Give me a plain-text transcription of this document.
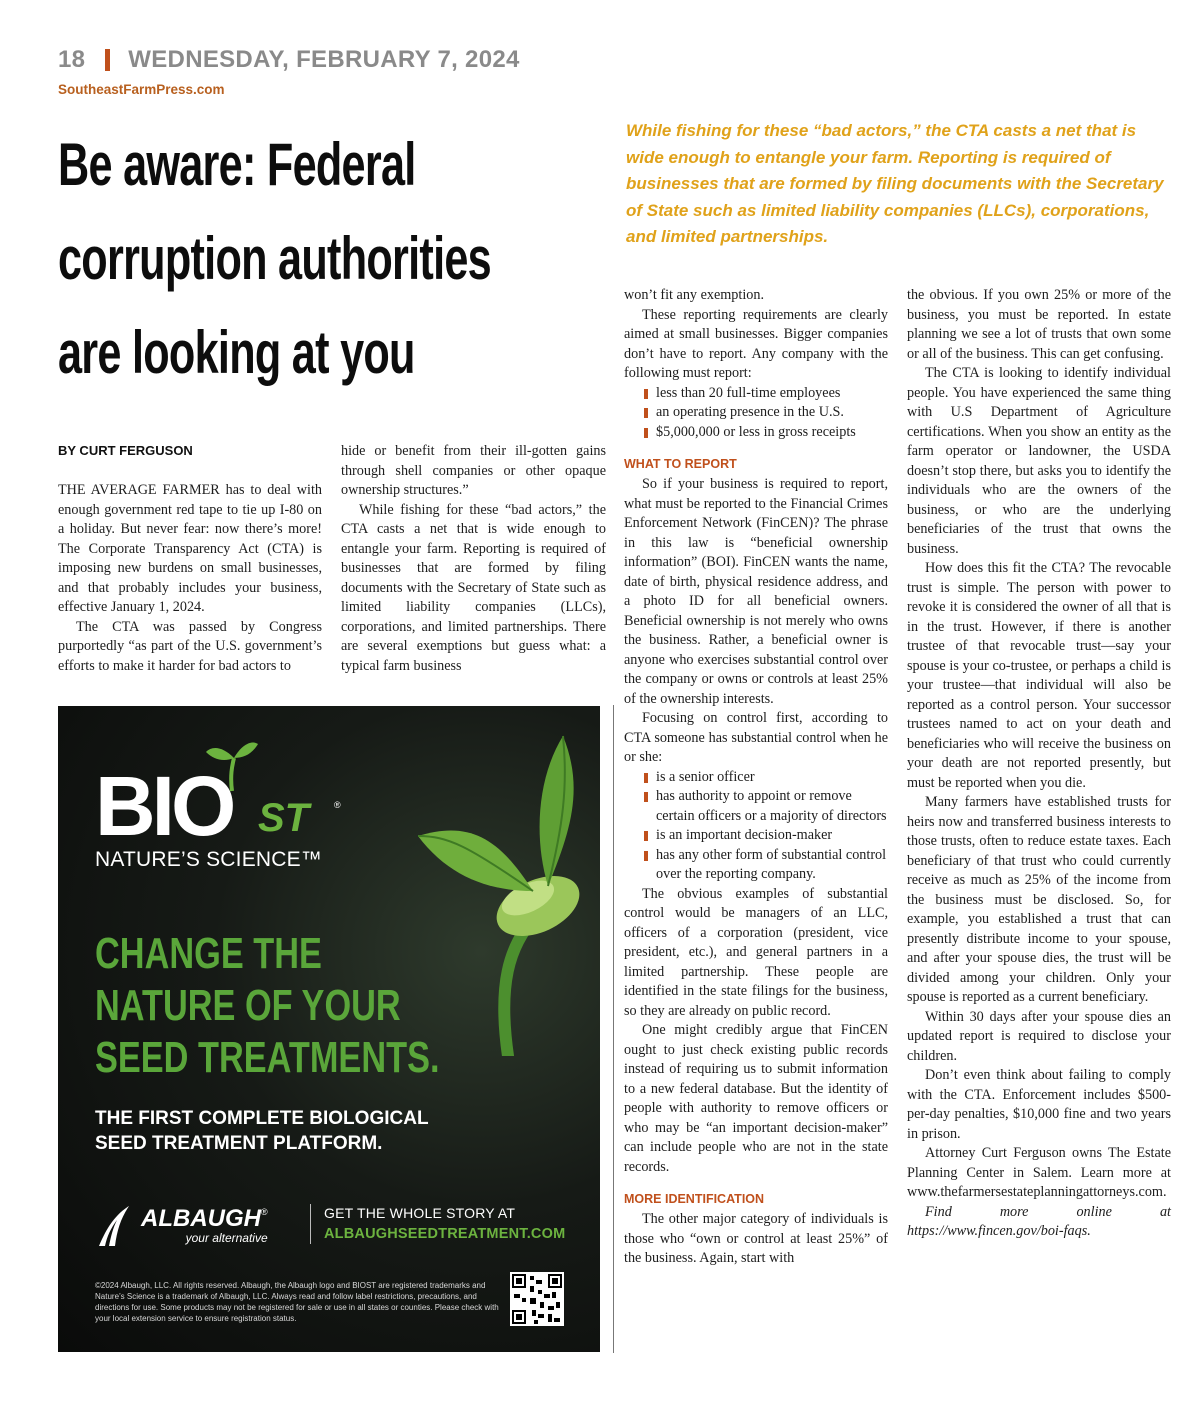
18 WEDNESDAY, FEBRUARY 7, 2024
SoutheastFarmPress.com
Be aware: Federal
corruption authorities
are looking at you
While fishing for these “bad actors,” the CTA casts a net that is wide enough to entangle your farm. Reporting is required of businesses that are formed by filing documents with the Secretary of State such as limited liability companies (LLCs), corporations, and limited partnerships.
BY CURT FERGUSON

THE AVERAGE FARMER has to deal with enough government red tape to tie up I-80 on a holiday. But never fear: now there’s more! The Corporate Transparency Act (CTA) is imposing new burdens on small businesses, and that probably includes your business, effective January 1, 2024.

The CTA was passed by Congress purportedly “as part of the U.S. government’s efforts to make it harder for bad actors to

hide or benefit from their ill-gotten gains through shell companies or other opaque ownership structures.”

While fishing for these “bad actors,” the CTA casts a net that is wide enough to entangle your farm. Reporting is required of businesses that are formed by filing documents with the Secretary of State such as limited liability companies (LLCs), corporations, and limited partnerships. There are several exemptions but guess what: a typical farm business

won’t fit any exemption.

These reporting requirements are clearly aimed at small businesses. Bigger companies don’t have to report. Any company with the following must report:

less than 20 full-time employees
an operating presence in the U.S.
$5,000,000 or less in gross receipts
WHAT TO REPORT

So if your business is required to report, what must be reported to the Financial Crimes Enforcement Network (FinCEN)? The phrase in this law is “beneficial ownership information” (BOI). FinCEN wants the name, date of birth, physical residence address, and a photo ID for all beneficial owners. Beneficial ownership is not merely who owns the business. Rather, a beneficial owner is anyone who exercises substantial control over the company or owns or controls at least 25% of the ownership interests.

Focusing on control first, according to CTA someone has substantial control when he or she:

is a senior officer
has authority to appoint or remove certain officers or a majority of directors
is an important decision-maker
has any other form of substantial control over the reporting company.

The obvious examples of substantial control would be managers of an LLC, officers of a corporation (president, vice president, etc.), and general partners in a limited partnership. These people are identified in the state filings for the business, so they are already on public record.

One might credibly argue that FinCEN ought to just check existing public records instead of requiring us to submit information to a new federal database. But the identity of people with authority to remove officers or who may be “an important decision-maker” can include people who are not in the state records.

MORE IDENTIFICATION

The other major category of individuals is those who “own or control at least 25%” of the business. Again, start with

the obvious. If you own 25% or more of the business, you must be reported. In estate planning we see a lot of trusts that own some or all of the business. This can get confusing.

The CTA is looking to identify individual people. You have experienced the same thing with U.S Department of Agriculture certifications. When you show an entity as the farm operator or landowner, the USDA doesn’t stop there, but asks you to identify the individuals who are the owners of the business, or who are the underlying beneficiaries of the trust that owns the business.

How does this fit the CTA? The revocable trust is simple. The person with power to revoke it is considered the owner of all that is in the trust. However, if there is another trustee of that revocable trust—say your spouse is your co-trustee, or perhaps a child is your trustee—that individual will also be reported as a control person. Your successor trustees named to act on your death and beneficiaries who will receive the business on your death are not reported presently, but must be reported when you die.

Many farmers have established trusts for heirs now and transferred business interests to those trusts, often to reduce estate taxes. Each beneficiary of that trust who could currently receive as much as 25% of the income from the business must be disclosed. So, for example, you established a trust that can presently distribute income to your spouse, and after your spouse dies, the trust will be divided among your children. Only your spouse is reported as a current beneficiary.

Within 30 days after your spouse dies an updated report is required to disclose your children.

Don’t even think about failing to comply with the CTA. Enforcement includes $500-per-day penalties, $10,000 fine and two years in prison.

Attorney Curt Ferguson owns The Estate Planning Center in Salem. Learn more at www.thefarmersestateplanningattorneys.com.

Find more online at https://www.fincen.gov/boi-faqs.

BIO ST	®
NATURE’S SCIENCE™
CHANGE THE
NATURE OF YOUR
SEED TREATMENTS.
THE FIRST COMPLETE BIOLOGICAL SEED TREATMENT PLATFORM.
ALBAUGH®
your alternative
GET THE WHOLE STORY AT
ALBAUGHSEEDTREATMENT.COM
©2024 Albaugh, LLC. All rights reserved. Albaugh, the Albaugh logo and BIOST are registered trademarks and Nature’s Science is a trademark of Albaugh, LLC. Always read and follow label restrictions, precautions, and directions for use. Some products may not be registered for sale or use in all states or counties. Please check with your local extension service to ensure registration status.
